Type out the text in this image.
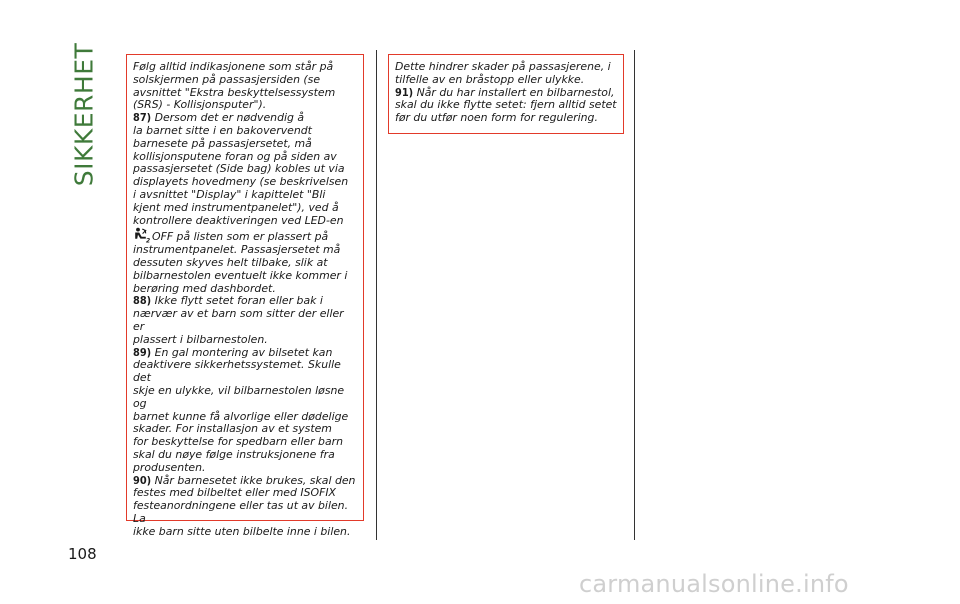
SIKKERHET	Følg alltid indikasjonene som står på
solskjermen på passasjersiden (se
avsnittet "Ekstra beskyttelsessystem
(SRS) - Kollisjonsputer").

87) Dersom det er nødvendig å
la barnet sitte i en bakovervendt
barnesete på passasjersetet, må
kollisjonsputene foran og på siden av
passasjersetet (Side bag) kobles ut via
displayets hovedmeny (se beskrivelsen
i avsnittet "Display" i kapittelet "Bli
kjent med instrumentpanelet"), ved å
kontrollere deaktiveringen ved LED-en

2 OFF på listen som er plassert på
instrumentpanelet. Passasjersetet må
dessuten skyves helt tilbake, slik at
bilbarnestolen eventuelt ikke kommer i
berøring med dashbordet.

88) Ikke flytt setet foran eller bak i
nærvær av et barn som sitter der eller er
plassert i bilbarnestolen.

89) En gal montering av bilsetet kan
deaktivere sikkerhetssystemet. Skulle det
skje en ulykke, vil bilbarnestolen løsne og
barnet kunne få alvorlige eller dødelige
skader. For installasjon av et system
for beskyttelse for spedbarn eller barn
skal du nøye følge instruksjonene fra
produsenten.

90) Når barnesetet ikke brukes, skal den
festes med bilbeltet eller med ISOFIX
festeanordningene eller tas ut av bilen. La
ikke barn sitte uten bilbelte inne i bilen.

Dette hindrer skader på passasjerene, i
tilfelle av en bråstopp eller ulykke.

91) Når du har installert en bilbarnestol,
skal du ikke flytte setet: fjern alltid setet
før du utfør noen form for regulering.

108
carmanualsonline.info
